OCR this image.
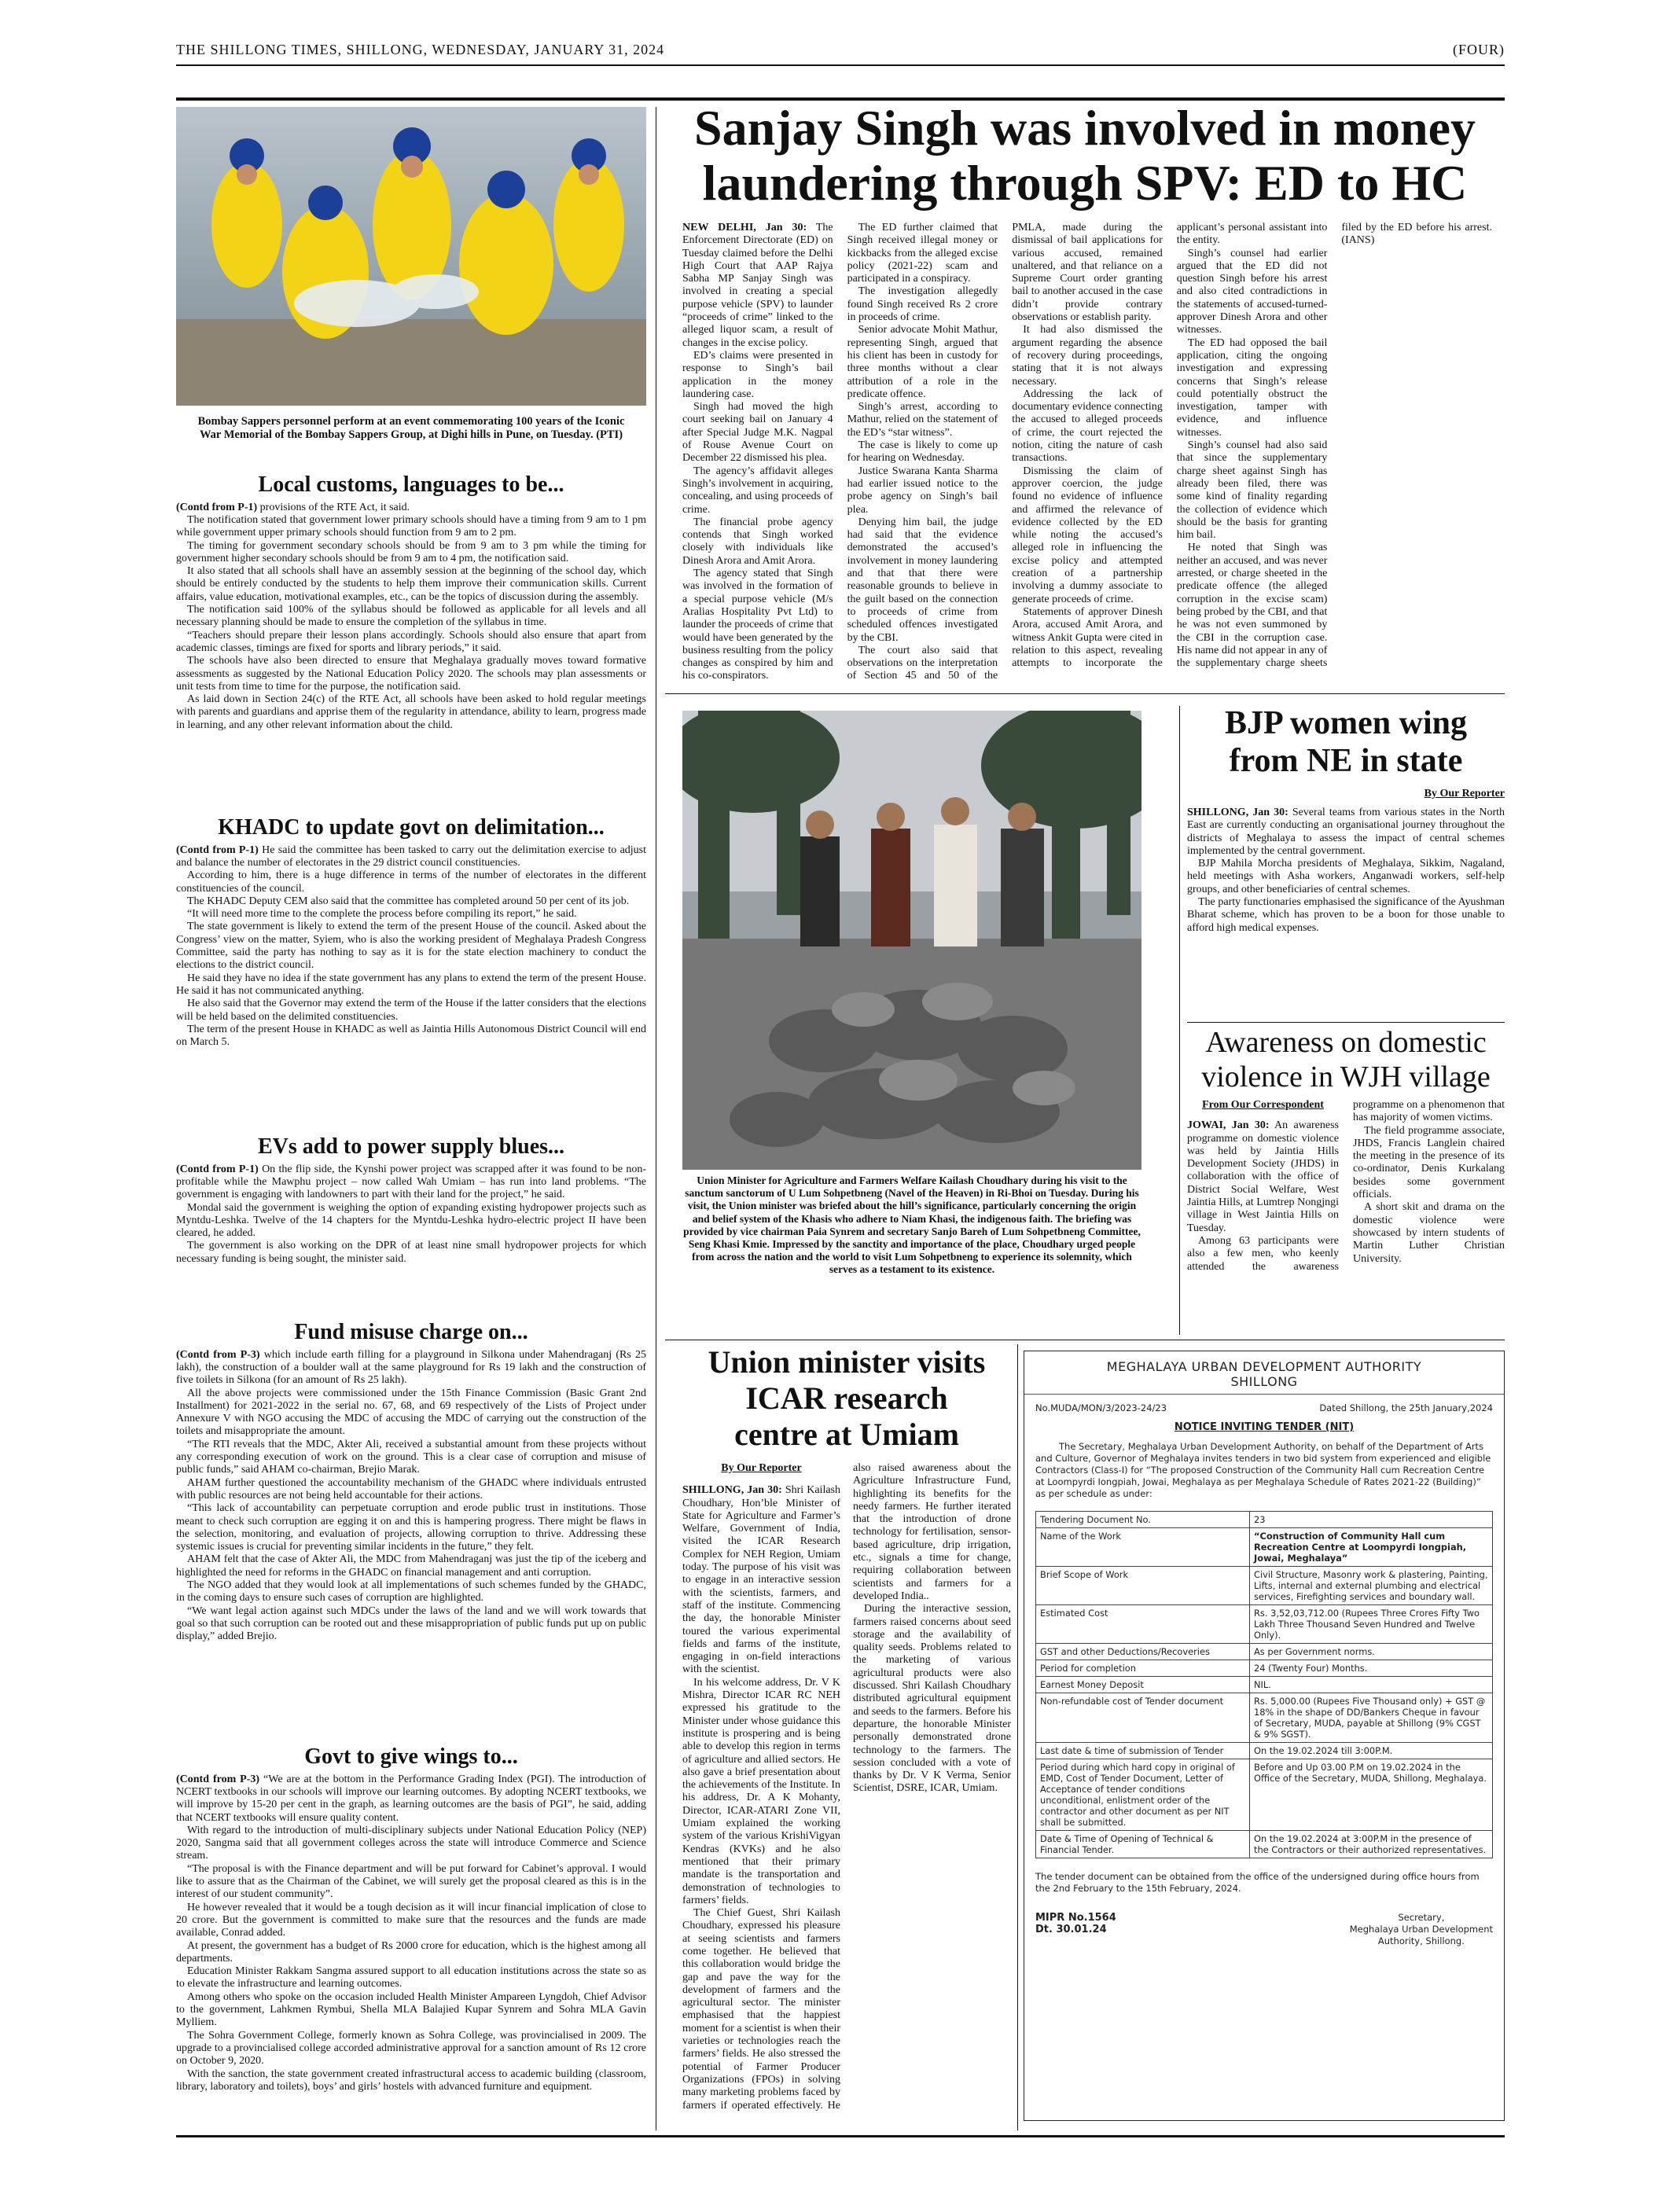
THE SHILLONG TIMES, SHILLONG, WEDNESDAY, JANUARY 31, 2024	(FOUR)
Bombay Sappers personnel perform at an event commemorating 100 years of the Iconic War Memorial of the Bombay Sappers Group, at Dighi hills in Pune, on Tuesday. (PTI)
Local customs, languages to be...

(Contd from P-1) provisions of the RTE Act, it said.

The notification stated that government lower primary schools should have a timing from 9 am to 1 pm while government upper primary schools should function from 9 am to 2 pm.

The timing for government secondary schools should be from 9 am to 3 pm while the timing for government higher secondary schools should be from 9 am to 4 pm, the notification said.

It also stated that all schools shall have an assembly session at the beginning of the school day, which should be entirely conducted by the students to help them improve their communication skills. Current affairs, value education, motivational examples, etc., can be the topics of discussion during the assembly.

The notification said 100% of the syllabus should be followed as applicable for all levels and all necessary planning should be made to ensure the completion of the syllabus in time.

“Teachers should prepare their lesson plans accordingly. Schools should also ensure that apart from academic classes, timings are fixed for sports and library periods,” it said.

The schools have also been directed to ensure that Meghalaya gradually moves toward formative assessments as suggested by the National Education Policy 2020. The schools may plan assessments or unit tests from time to time for the purpose, the notification said.

As laid down in Section 24(c) of the RTE Act, all schools have been asked to hold regular meetings with parents and guardians and apprise them of the regularity in attendance, ability to learn, progress made in learning, and any other relevant information about the child.

KHADC to update govt on delimitation...

(Contd from P-1) He said the committee has been tasked to carry out the delimitation exercise to adjust and balance the number of electorates in the 29 district council constituencies.

According to him, there is a huge difference in terms of the number of electorates in the different constituencies of the council.

The KHADC Deputy CEM also said that the committee has completed around 50 per cent of its job.

“It will need more time to the complete the process before compiling its report,” he said.

The state government is likely to extend the term of the present House of the council. Asked about the Congress’ view on the matter, Syiem, who is also the working president of Meghalaya Pradesh Congress Committee, said the party has nothing to say as it is for the state election machinery to conduct the elections to the district council.

He said they have no idea if the state government has any plans to extend the term of the present House. He said it has not communicated anything.

He also said that the Governor may extend the term of the House if the latter considers that the elections will be held based on the delimited constituencies.

The term of the present House in KHADC as well as Jaintia Hills Autonomous District Council will end on March 5.

EVs add to power supply blues...

(Contd from P-1) On the flip side, the Kynshi power project was scrapped after it was found to be non-profitable while the Mawphu project – now called Wah Umiam – has run into land problems. “The government is engaging with landowners to part with their land for the project,” he said.

Mondal said the government is weighing the option of expanding existing hydropower projects such as Myntdu-Leshka. Twelve of the 14 chapters for the Myntdu-Leshka hydro-electric project II have been cleared, he added.

The government is also working on the DPR of at least nine small hydropower projects for which necessary funding is being sought, the minister said.

Fund misuse charge on...

(Contd from P-3) which include earth filling for a playground in Silkona under Mahendraganj (Rs 25 lakh), the construction of a boulder wall at the same playground for Rs 19 lakh and the construction of five toilets in Silkona (for an amount of Rs 25 lakh).

All the above projects were commissioned under the 15th Finance Commission (Basic Grant 2nd Installment) for 2021-2022 in the serial no. 67, 68, and 69 respectively of the Lists of Project under Annexure V with NGO accusing the MDC of accusing the MDC of carrying out the construction of the toilets and misappropriate the amount.

“The RTI reveals that the MDC, Akter Ali, received a substantial amount from these projects without any corresponding execution of work on the ground. This is a clear case of corruption and misuse of public funds,” said AHAM co-chairman, Brejio Marak.

AHAM further questioned the accountability mechanism of the GHADC where individuals entrusted with public resources are not being held accountable for their actions.

“This lack of accountability can perpetuate corruption and erode public trust in institutions. Those meant to check such corruption are egging it on and this is hampering progress. There might be flaws in the selection, monitoring, and evaluation of projects, allowing corruption to thrive. Addressing these systemic issues is crucial for preventing similar incidents in the future,” they felt.

AHAM felt that the case of Akter Ali, the MDC from Mahendraganj was just the tip of the iceberg and highlighted the need for reforms in the GHADC on financial management and anti corruption.

The NGO added that they would look at all implementations of such schemes funded by the GHADC, in the coming days to ensure such cases of corruption are highlighted.

“We want legal action against such MDCs under the laws of the land and we will work towards that goal so that such corruption can be rooted out and these misappropriation of public funds put up on public display,” added Brejio.

Govt to give wings to...

(Contd from P-3) “We are at the bottom in the Performance Grading Index (PGI). The introduction of NCERT textbooks in our schools will improve our learning outcomes. By adopting NCERT textbooks, we will improve by 15-20 per cent in the graph, as learning outcomes are the basis of PGI”, he said, adding that NCERT textbooks will ensure quality content.

With regard to the introduction of multi-disciplinary subjects under National Education Policy (NEP) 2020, Sangma said that all government colleges across the state will introduce Commerce and Science stream.

“The proposal is with the Finance department and will be put forward for Cabinet’s approval. I would like to assure that as the Chairman of the Cabinet, we will surely get the proposal cleared as this is in the interest of our student community”.

He however revealed that it would be a tough decision as it will incur financial implication of close to 20 crore. But the government is committed to make sure that the resources and the funds are made available, Conrad added.

At present, the government has a budget of Rs 2000 crore for education, which is the highest among all departments.

Education Minister Rakkam Sangma assured support to all education institutions across the state so as to elevate the infrastructure and learning outcomes.

Among others who spoke on the occasion included Health Minister Ampareen Lyngdoh, Chief Advisor to the government, Lahkmen Rymbui, Shella MLA Balajied Kupar Synrem and Sohra MLA Gavin Mylliem.

The Sohra Government College, formerly known as Sohra College, was provincialised in 2009. The upgrade to a provincialised college accorded administrative approval for a sanction amount of Rs 12 crore on October 9, 2020.

With the sanction, the state government created infrastructural access to academic building (classroom, library, laboratory and toilets), boys’ and girls’ hostels with advanced furniture and equipment.

Sanjay Singh was involved in money
laundering through SPV: ED to HC

NEW DELHI, Jan 30: The Enforcement Directorate (ED) on Tuesday claimed before the Delhi High Court that AAP Rajya Sabha MP Sanjay Singh was involved in creating a special purpose vehicle (SPV) to launder “proceeds of crime” linked to the alleged liquor scam, a result of changes in the excise policy.

ED’s claims were presented in response to Singh’s bail application in the money laundering case.

Singh had moved the high court seeking bail on January 4 after Special Judge M.K. Nagpal of Rouse Avenue Court on December 22 dismissed his plea.

The agency’s affidavit alleges Singh’s involvement in acquiring, concealing, and using proceeds of crime.

The financial probe agency contends that Singh worked closely with individuals like Dinesh Arora and Amit Arora.

The agency stated that Singh was involved in the formation of a special purpose vehicle (M/s Aralias Hospitality Pvt Ltd) to launder the proceeds of crime that would have been generated by the business resulting from the policy changes as conspired by him and his co-conspirators.

The ED further claimed that Singh received illegal money or kickbacks from the alleged excise policy (2021-22) scam and participated in a conspiracy.

The investigation allegedly found Singh received Rs 2 crore in proceeds of crime.

Senior advocate Mohit Mathur, representing Singh, argued that his client has been in custody for three months without a clear attribution of a role in the predicate offence.

Singh’s arrest, according to Mathur, relied on the statement of the ED’s “star witness”.

The case is likely to come up for hearing on Wednesday.

Justice Swarana Kanta Sharma had earlier issued notice to the probe agency on Singh’s bail plea.

Denying him bail, the judge had said that the evidence demonstrated the accused’s involvement in money laundering and that that there were reasonable grounds to believe in the guilt based on the connection to proceeds of crime from scheduled offences investigated by the CBI.

The court also said that observations on the interpretation of Section 45 and 50 of the PMLA, made during the dismissal of bail applications for various accused, remained unaltered, and that reliance on a Supreme Court order granting bail to another accused in the case didn’t provide contrary observations or establish parity.

It had also dismissed the argument regarding the absence of recovery during proceedings, stating that it is not always necessary.

Addressing the lack of documentary evidence connecting the accused to alleged proceeds of crime, the court rejected the notion, citing the nature of cash transactions.

Dismissing the claim of approver coercion, the judge found no evidence of influence and affirmed the relevance of evidence collected by the ED while noting the accused’s alleged role in influencing the excise policy and attempted creation of a partnership involving a dummy associate to generate proceeds of crime.

Statements of approver Dinesh Arora, accused Amit Arora, and witness Ankit Gupta were cited in relation to this aspect, revealing attempts to incorporate the applicant’s personal assistant into the entity.

Singh’s counsel had earlier argued that the ED did not question Singh before his arrest and also cited contradictions in the statements of accused-turned-approver Dinesh Arora and other witnesses.

The ED had opposed the bail application, citing the ongoing investigation and expressing concerns that Singh’s release could potentially obstruct the investigation, tamper with evidence, and influence witnesses.

Singh’s counsel had also said that since the supplementary charge sheet against Singh has already been filed, there was some kind of finality regarding the collection of evidence which should be the basis for granting him bail.

He noted that Singh was neither an accused, and was never arrested, or charge sheeted in the predicate offence (the alleged corruption in the excise scam) being probed by the CBI, and that he was not even summoned by the CBI in the corruption case. His name did not appear in any of the supplementary charge sheets filed by the ED before his arrest. (IANS)

Union Minister for Agriculture and Farmers Welfare Kailash Choudhary during his visit to the sanctum sanctorum of U Lum Sohpetbneng (Navel of the Heaven) in Ri-Bhoi on Tuesday. During his visit, the Union minister was briefed about the hill’s significance, particularly concerning the origin and belief system of the Khasis who adhere to Niam Khasi, the indigenous faith. The briefing was provided by vice chairman Paia Synrem and secretary Sanjo Bareh of Lum Sohpetbneng Committee, Seng Khasi Kmie. Impressed by the sanctity and importance of the place, Choudhary urged people from across the nation and the world to visit Lum Sohpetbneng to experience its solemnity, which serves as a testament to its existence.
BJP women wing
from NE in state
By Our Reporter

SHILLONG, Jan 30: Several teams from various states in the North East are currently conducting an organisational journey throughout the districts of Meghalaya to assess the impact of central schemes implemented by the central government.

BJP Mahila Morcha presidents of Meghalaya, Sikkim, Nagaland, held meetings with Asha workers, Anganwadi workers, self-help groups, and other beneficiaries of central schemes.

The party functionaries emphasised the significance of the Ayushman Bharat scheme, which has proven to be a boon for those unable to afford high medical expenses.

Awareness on domestic
violence in WJH village
From Our Correspondent

JOWAI, Jan 30: An awareness programme on domestic violence was held by Jaintia Hills Development Society (JHDS) in collaboration with the office of District Social Welfare, West Jaintia Hills, at Lumtrep Nongjngi village in West Jaintia Hills on Tuesday.

Among 63 participants were also a few men, who keenly attended the awareness programme on a phenomenon that has majority of women victims.

The field programme associate, JHDS, Francis Langlein chaired the meeting in the presence of its co-ordinator, Denis Kurkalang besides some government officials.

A short skit and drama on the domestic violence were showcased by intern students of Martin Luther Christian University.

Union minister visits
ICAR research
centre at Umiam
By Our Reporter

SHILLONG, Jan 30: Shri Kailash Choudhary, Hon’ble Minister of State for Agriculture and Farmer’s Welfare, Government of India, visited the ICAR Research Complex for NEH Region, Umiam today. The purpose of his visit was to engage in an interactive session with the scientists, farmers, and staff of the institute. Commencing the day, the honorable Minister toured the various experimental fields and farms of the institute, engaging in on-field interactions with the scientist.

In his welcome address, Dr. V K Mishra, Director ICAR RC NEH expressed his gratitude to the Minister under whose guidance this institute is prospering and is being able to develop this region in terms of agriculture and allied sectors. He also gave a brief presentation about the achievements of the Institute. In his address, Dr. A K Mohanty, Director, ICAR-ATARI Zone VII, Umiam explained the working system of the various KrishiVigyan Kendras (KVKs) and he also mentioned that their primary mandate is the transportation and demonstration of technologies to farmers’ fields.

The Chief Guest, Shri Kailash Choudhary, expressed his pleasure at seeing scientists and farmers come together. He believed that this collaboration would bridge the gap and pave the way for the development of farmers and the agricultural sector. The minister emphasised that the happiest moment for a scientist is when their varieties or technologies reach the farmers’ fields. He also stressed the potential of Farmer Producer Organizations (FPOs) in solving many marketing problems faced by farmers if operated effectively. He also raised awareness about the Agriculture Infrastructure Fund, highlighting its benefits for the needy farmers. He further iterated that the introduction of drone technology for fertilisation, sensor-based agriculture, drip irrigation, etc., signals a time for change, requiring collaboration between scientists and farmers for a developed India..

During the interactive session, farmers raised concerns about seed storage and the availability of quality seeds. Problems related to the marketing of various agricultural products were also discussed. Shri Kailash Choudhary distributed agricultural equipment and seeds to the farmers. Before his departure, the honorable Minister personally demonstrated drone technology to the farmers. The session concluded with a vote of thanks by Dr. V K Verma, Senior Scientist, DSRE, ICAR, Umiam.

MEGHALAYA URBAN DEVELOPMENT AUTHORITY
SHILLONG
No.MUDA/MON/3/2023-24/23	Dated Shillong, the 25th January,2024
NOTICE INVITING TENDER (NIT)
The Secretary, Meghalaya Urban Development Authority, on behalf of the Department of Arts and Culture, Governor of Meghalaya invites tenders in two bid system from experienced and eligible Contractors (Class-I) for “The proposed Construction of the Community Hall cum Recreation Centre at Loompyrdi Iongpiah, Jowai, Meghalaya as per Meghalaya Schedule of Rates 2021-22 (Building)” as per schedule as under:
Tendering Document No.	23
Name of the Work	“Construction of Community Hall cum Recreation Centre at Loompyrdi Iongpiah, Jowai, Meghalaya”
Brief Scope of Work	Civil Structure, Masonry work & plastering, Painting, Lifts, internal and external plumbing and electrical services, Firefighting services and boundary wall.
Estimated Cost	Rs. 3,52,03,712.00 (Rupees Three Crores Fifty Two Lakh Three Thousand Seven Hundred and Twelve Only).
GST and other Deductions/Recoveries	As per Government norms.
Period for completion	24 (Twenty Four) Months.
Earnest Money Deposit	NIL.
Non-refundable cost of Tender document	Rs. 5,000.00 (Rupees Five Thousand only) + GST @ 18% in the shape of DD/Bankers Cheque in favour of Secretary, MUDA, payable at Shillong (9% CGST & 9% SGST).
Last date & time of submission of Tender	On the 19.02.2024 till 3:00P.M.
Period during which hard copy in original of EMD, Cost of Tender Document, Letter of Acceptance of tender conditions unconditional, enlistment order of the contractor and other document as per NIT shall be submitted.	Before and Up 03.00 P.M on 19.02.2024 in the Office of the Secretary, MUDA, Shillong, Meghalaya.
Date & Time of Opening of Technical & Financial Tender.	On the 19.02.2024 at 3:00P.M in the presence of the Contractors or their authorized representatives.
The tender document can be obtained from the office of the undersigned during office hours from the 2nd February to the 15th February, 2024.
MIPR No.1564
Dt. 30.01.24
Secretary,
Meghalaya Urban Development
Authority, Shillong.
